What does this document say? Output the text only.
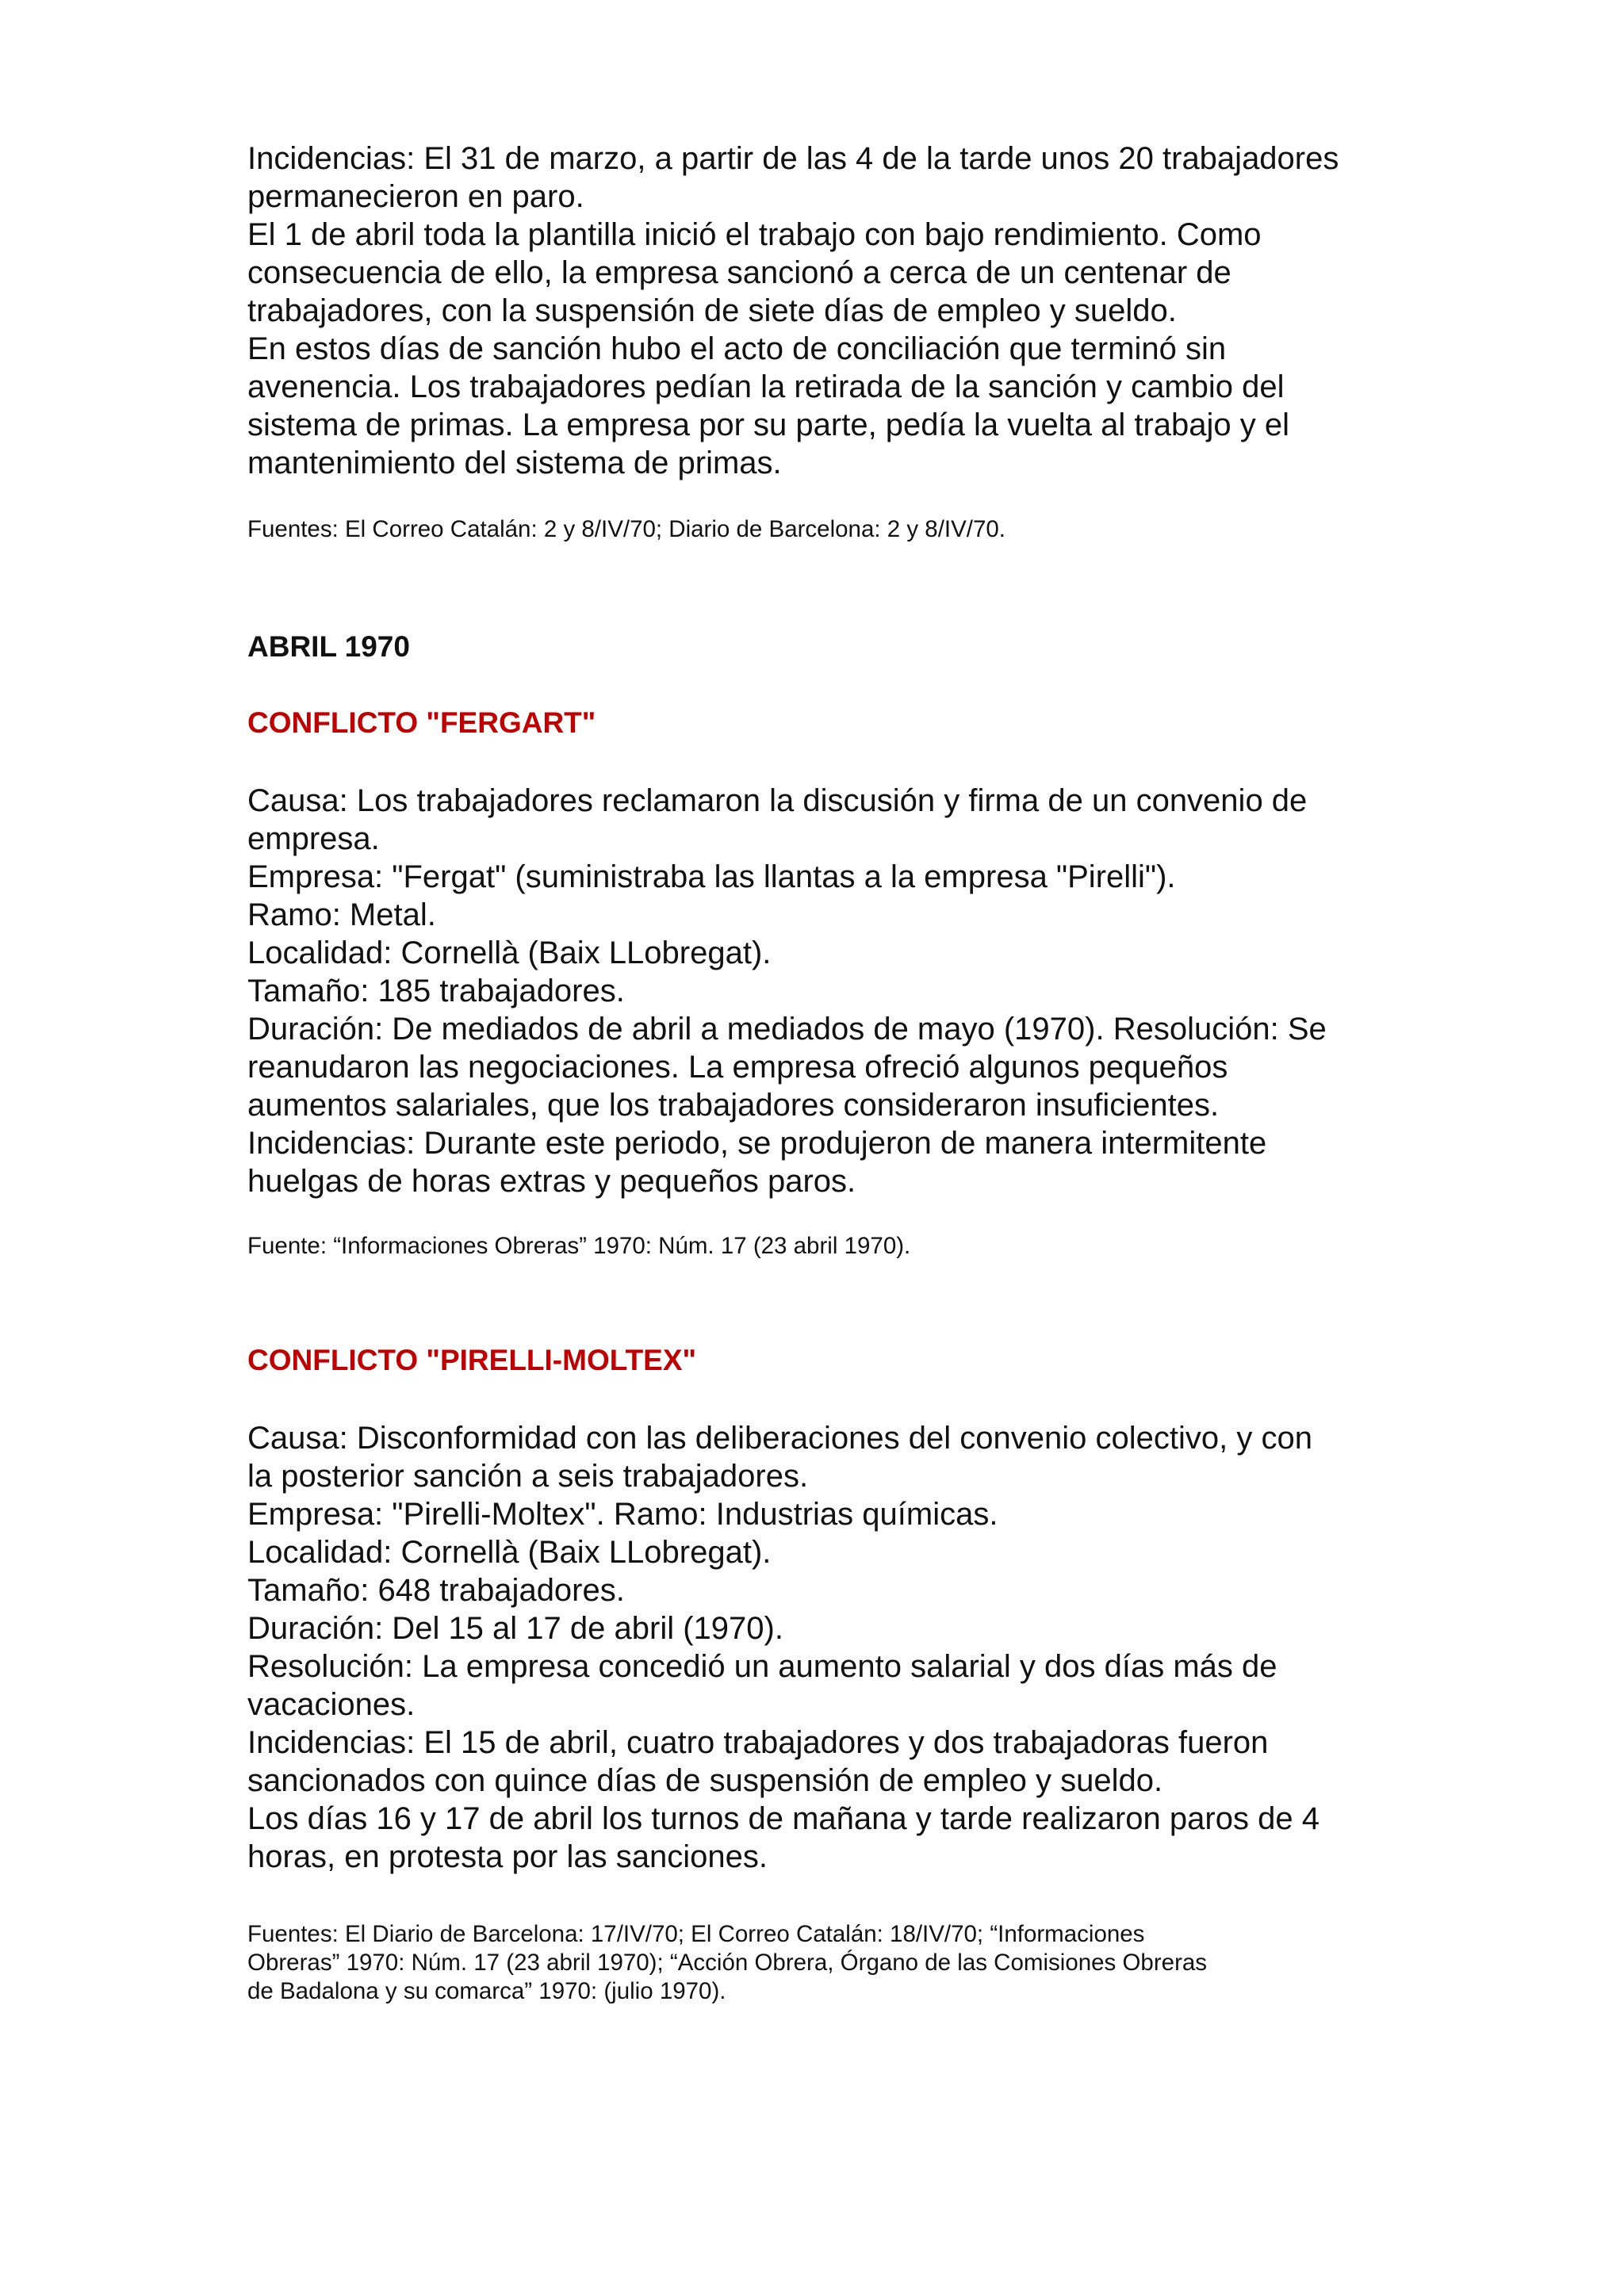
Incidencias: El 31 de marzo, a partir de las 4 de la tarde unos 20 trabajadores

permanecieron en paro.

El 1 de abril toda la plantilla inició el trabajo con bajo rendimiento. Como

consecuencia de ello, la empresa sancionó a cerca de un centenar de

trabajadores, con la suspensión de siete días de empleo y sueldo.

En estos días de sanción hubo el acto de conciliación que terminó sin

avenencia. Los trabajadores pedían la retirada de la sanción y cambio del

sistema de primas. La empresa por su parte, pedía la vuelta al trabajo y el

mantenimiento del sistema de primas.

Fuentes: El Correo Catalán: 2 y 8/IV/70; Diario de Barcelona: 2 y 8/IV/70.

ABRIL 1970

CONFLICTO "FERGART"

Causa: Los trabajadores reclamaron la discusión y firma de un convenio de

empresa.

Empresa: "Fergat" (suministraba las llantas a la empresa "Pirelli").

Ramo: Metal.

Localidad: Cornellà (Baix LLobregat).

Tamaño: 185 trabajadores.

Duración: De mediados de abril a mediados de mayo (1970). Resolución: Se

reanudaron las negociaciones. La empresa ofreció algunos pequeños

aumentos salariales, que los trabajadores consideraron insuficientes.

Incidencias: Durante este periodo, se produjeron de manera intermitente

huelgas de horas extras y pequeños paros.

Fuente: “Informaciones Obreras” 1970: Núm. 17 (23 abril 1970).

CONFLICTO "PIRELLI-MOLTEX"

Causa: Disconformidad con las deliberaciones del convenio colectivo, y con

la posterior sanción a seis trabajadores.

Empresa: "Pirelli-Moltex". Ramo: Industrias químicas.

Localidad: Cornellà (Baix LLobregat).

Tamaño: 648 trabajadores.

Duración: Del 15 al 17 de abril (1970).

Resolución: La empresa concedió un aumento salarial y dos días más de

vacaciones.

Incidencias: El 15 de abril, cuatro trabajadores y dos trabajadoras fueron

sancionados con quince días de suspensión de empleo y sueldo.

Los días 16 y 17 de abril los turnos de mañana y tarde realizaron paros de 4

horas, en protesta por las sanciones.

Fuentes: El Diario de Barcelona: 17/IV/70; El Correo Catalán: 18/IV/70; “Informaciones

Obreras” 1970: Núm. 17 (23 abril 1970); “Acción Obrera, Órgano de las Comisiones Obreras

de Badalona y su comarca” 1970: (julio 1970).
